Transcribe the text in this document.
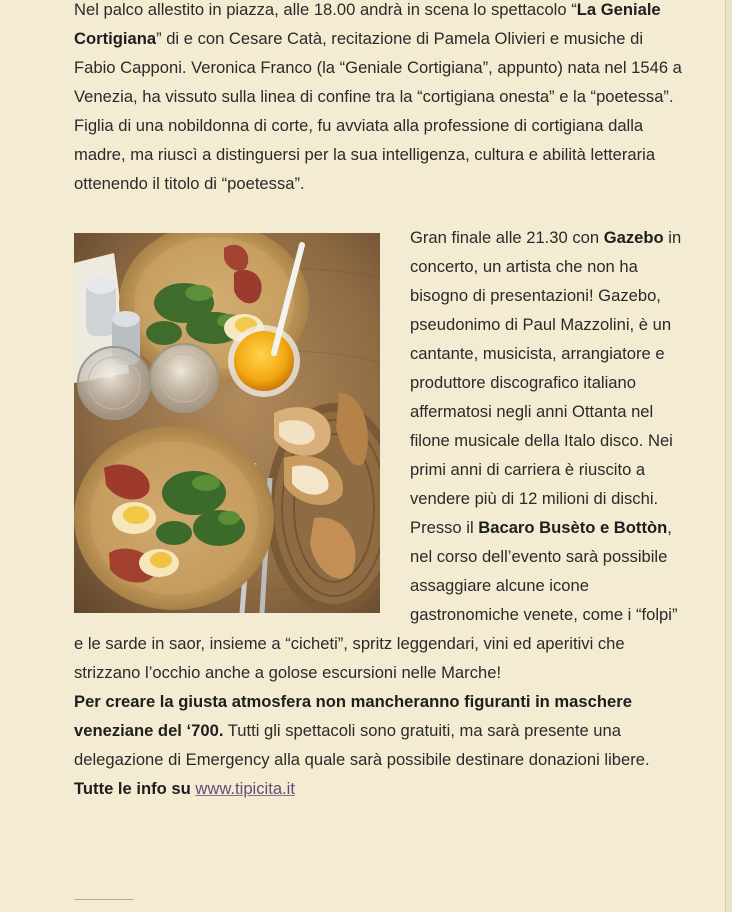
Nel palco allestito in piazza, alle 18.00 andrà in scena lo spettacolo “La Geniale Cortigiana” di e con Cesare Catà, recitazione di Pamela Olivieri e musiche di Fabio Capponi. Veronica Franco (la “Geniale Cortigiana”, appunto) nata nel 1546 a Venezia, ha vissuto sulla linea di confine tra la “cortigiana onesta” e la “poetessa”. Figlia di una nobildonna di corte, fu avviata alla professione di cortigiana dalla madre, ma riuscì a distinguersi per la sua intelligenza, cultura e abilità letteraria ottenendo il titolo di “poetessa”.

Gran finale alle 21.30 con Gazebo in concerto, un artista che non ha bisogno di presentazioni! Gazebo, pseudonimo di Paul Mazzolini, è un cantante, musicista, arrangiatore e produttore discografico italiano affermatosi negli anni Ottanta nel filone musicale della Italo disco. Nei primi anni di carriera è riuscito a vendere più di 12 milioni di dischi. Presso il Bacaro Busèto e Bottòn, nel corso dell’evento sarà possibile assaggiare alcune icone gastronomiche venete, come i “folpi” e le sarde in saor, insieme a “cicheti”, spritz leggendari, vini ed aperitivi che strizzano l’occhio anche a golose escursioni nelle Marche!

Per creare la giusta atmosfera non mancheranno figuranti in maschere veneziane del ‘700. Tutti gli spettacoli sono gratuiti, ma sarà presente una delegazione di Emergency alla quale sarà possibile destinare donazioni libere.

Tutte le info su www.tipicita.it
